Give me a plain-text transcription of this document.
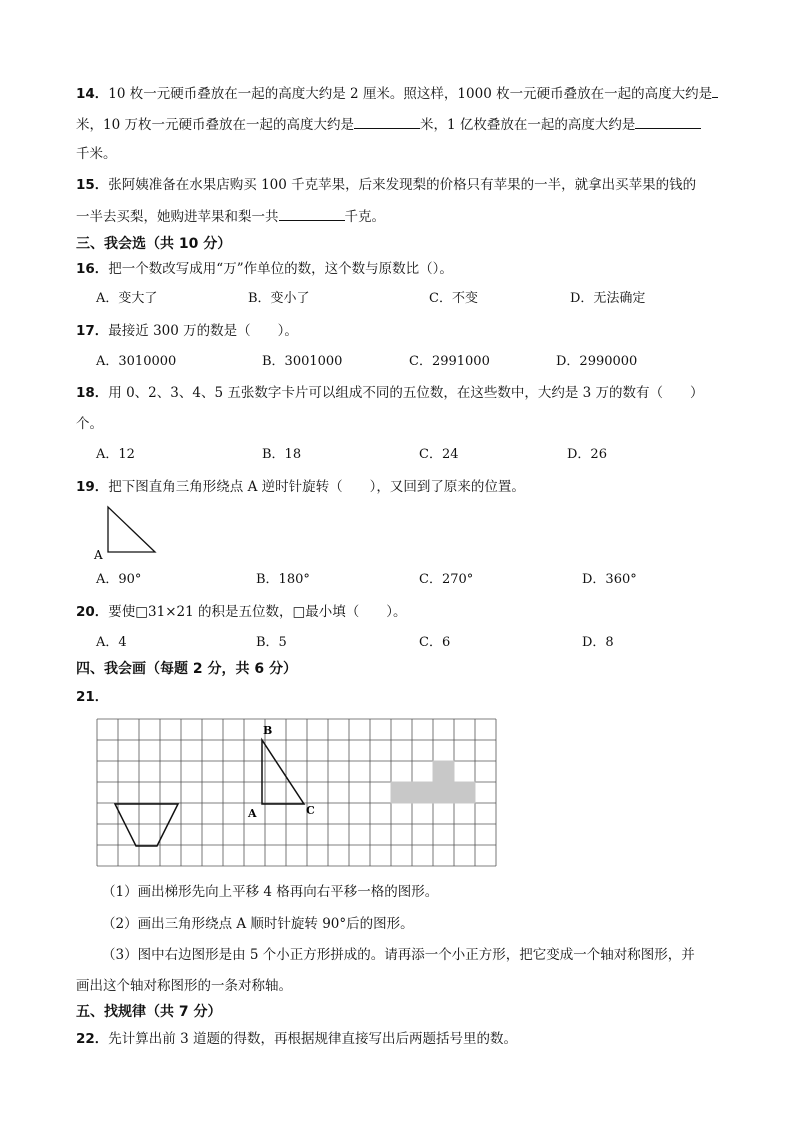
14．10 枚一元硬币叠放在一起的高度大约是 2 厘米。照这样，1000 枚一元硬币叠放在一起的高度大约是
米，10 万枚一元硬币叠放在一起的高度大约是	米，1 亿枚叠放在一起的高度大约是
千米。
15．张阿姨准备在水果店购买 100 千克苹果，后来发现梨的价格只有苹果的一半，就拿出买苹果的钱的
一半去买梨，她购进苹果和梨一共	千克。
三、我会选（共 10 分）
16．把一个数改写成用“万”作单位的数，这个数与原数比（）。
A．变大了	B．变小了	C．不变	D．无法确定
17．最接近 300 万的数是（　　）。
A．3010000	B．3001000	C．2991000	D．2990000
18．用 0、2、3、4、5 五张数字卡片可以组成不同的五位数，在这些数中，大约是 3 万的数有（　　）
个。
A．12	B．18	C．24	D．26
19．把下图直角三角形绕点 A 逆时针旋转（　　），又回到了原来的位置。
A
A．90°	B．180°	C．270°	D．360°
20．要使□31×21 的积是五位数，□最小填（　　）。
A．4	B．5	C．6	D．8
四、我会画（每题 2 分，共 6 分）
21．
B
A	C
（1）画出梯形先向上平移 4 格再向右平移一格的图形。
（2）画出三角形绕点 A 顺时针旋转 90°后的图形。
（3）图中右边图形是由 5 个小正方形拼成的。请再添一个小正方形，把它变成一个轴对称图形，并
画出这个轴对称图形的一条对称轴。
五、找规律（共 7 分）
22．先计算出前 3 道题的得数，再根据规律直接写出后两题括号里的数。
